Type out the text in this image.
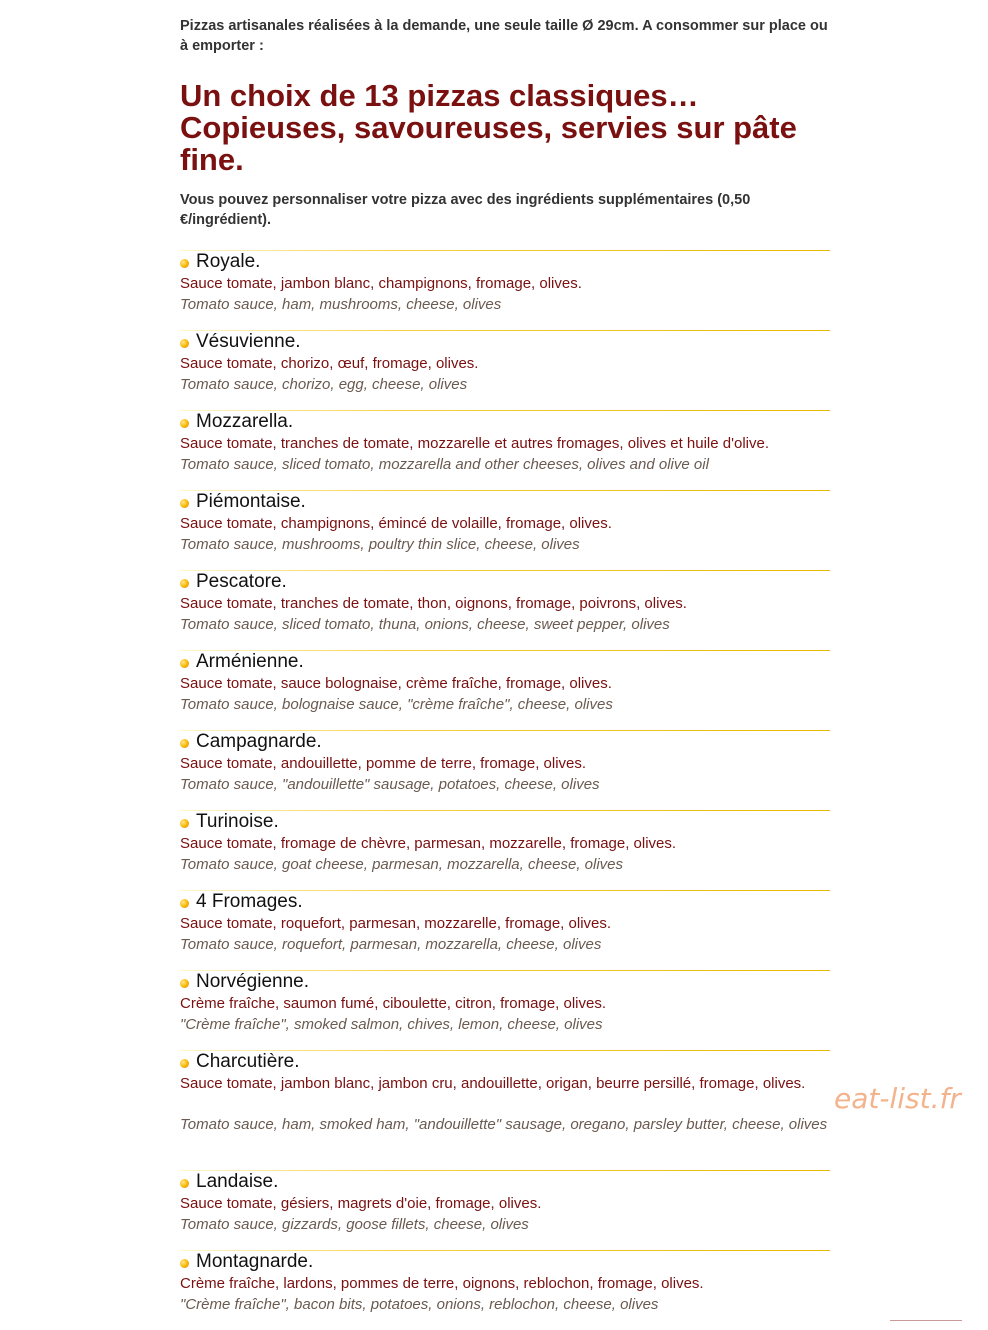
Pizzas artisanales réalisées à la demande, une seule taille Ø 29cm. A consommer sur place ou à emporter :

Un choix de 13 pizzas classiques… Copieuses, savoureuses, servies sur pâte fine.

Vous pouvez personnaliser votre pizza avec des ingrédients supplémentaires (0,50 €/ingrédient).

Royale.
Sauce tomate, jambon blanc, champignons, fromage, olives.
Tomato sauce, ham, mushrooms, cheese, olives
Vésuvienne.
Sauce tomate, chorizo, œuf, fromage, olives.
Tomato sauce, chorizo, egg, cheese, olives
Mozzarella.
Sauce tomate, tranches de tomate, mozzarelle et autres fromages, olives et huile d'olive.
Tomato sauce, sliced tomato, mozzarella and other cheeses, olives and olive oil
Piémontaise.
Sauce tomate, champignons, émincé de volaille, fromage, olives.
Tomato sauce, mushrooms, poultry thin slice, cheese, olives
Pescatore.
Sauce tomate, tranches de tomate, thon, oignons, fromage, poivrons, olives.
Tomato sauce, sliced tomato, thuna, onions, cheese, sweet pepper, olives
Arménienne.
Sauce tomate, sauce bolognaise, crème fraîche, fromage, olives.
Tomato sauce, bolognaise sauce, "crème fraîche", cheese, olives
Campagnarde.
Sauce tomate, andouillette, pomme de terre, fromage, olives.
Tomato sauce, "andouillette" sausage, potatoes, cheese, olives
Turinoise.
Sauce tomate, fromage de chèvre, parmesan, mozzarelle, fromage, olives.
Tomato sauce, goat cheese, parmesan, mozzarella, cheese, olives
4 Fromages.
Sauce tomate, roquefort, parmesan, mozzarelle, fromage, olives.
Tomato sauce, roquefort, parmesan, mozzarella, cheese, olives
Norvégienne.
Crème fraîche, saumon fumé, ciboulette, citron, fromage, olives.
"Crème fraîche", smoked salmon, chives, lemon, cheese, olives
Charcutière.
Sauce tomate, jambon blanc, jambon cru, andouillette, origan, beurre persillé, fromage, olives.
Tomato sauce, ham, smoked ham, "andouillette" sausage, oregano, parsley butter, cheese, olives
Landaise.
Sauce tomate, gésiers, magrets d'oie, fromage, olives.
Tomato sauce, gizzards, goose fillets, cheese, olives
Montagnarde.
Crème fraîche, lardons, pommes de terre, oignons, reblochon, fromage, olives.
"Crème fraîche", bacon bits, potatoes, onions, reblochon, cheese, olives
eat-list.fr
